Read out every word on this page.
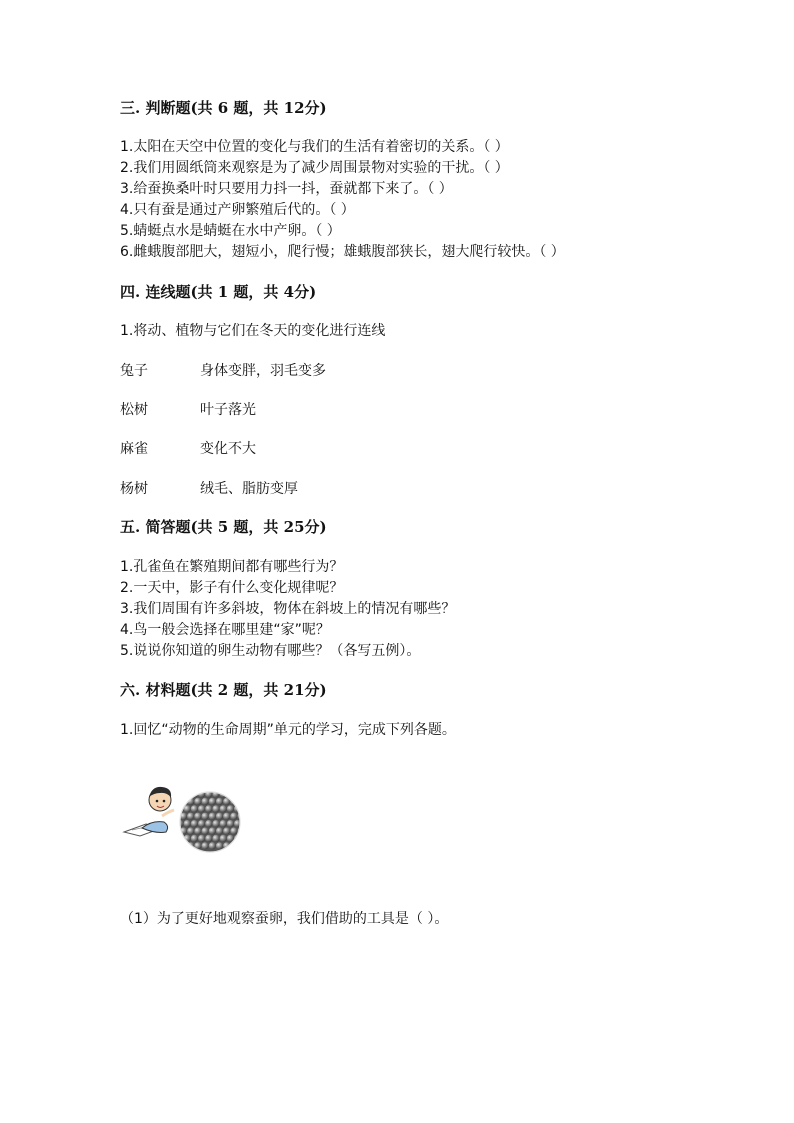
三. 判断题(共 6 题，共 12分)
1.太阳在天空中位置的变化与我们的生活有着密切的关系。（ ）
2.我们用圆纸筒来观察是为了减少周围景物对实验的干扰。（ ）
3.给蚕换桑叶时只要用力抖一抖，蚕就都下来了。（ ）
4.只有蚕是通过产卵繁殖后代的。（ ）
5.蜻蜓点水是蜻蜓在水中产卵。（ ）
6.雌蛾腹部肥大，翅短小，爬行慢；雄蛾腹部狭长，翅大爬行较快。（ ）
四. 连线题(共 1 题，共 4分)
1.将动、植物与它们在冬天的变化进行连线
兔子	身体变胖，羽毛变多
松树	叶子落光
麻雀	变化不大
杨树	绒毛、脂肪变厚
五. 简答题(共 5 题，共 25分)
1.孔雀鱼在繁殖期间都有哪些行为？
2.一天中，影子有什么变化规律呢？
3.我们周围有许多斜坡，物体在斜坡上的情况有哪些？
4.鸟一般会选择在哪里建“家”呢？
5.说说你知道的卵生动物有哪些？（各写五例）。
六. 材料题(共 2 题，共 21分)
1.回忆“动物的生命周期”单元的学习，完成下列各题。
（1）为了更好地观察蚕卵，我们借助的工具是（ ）。
